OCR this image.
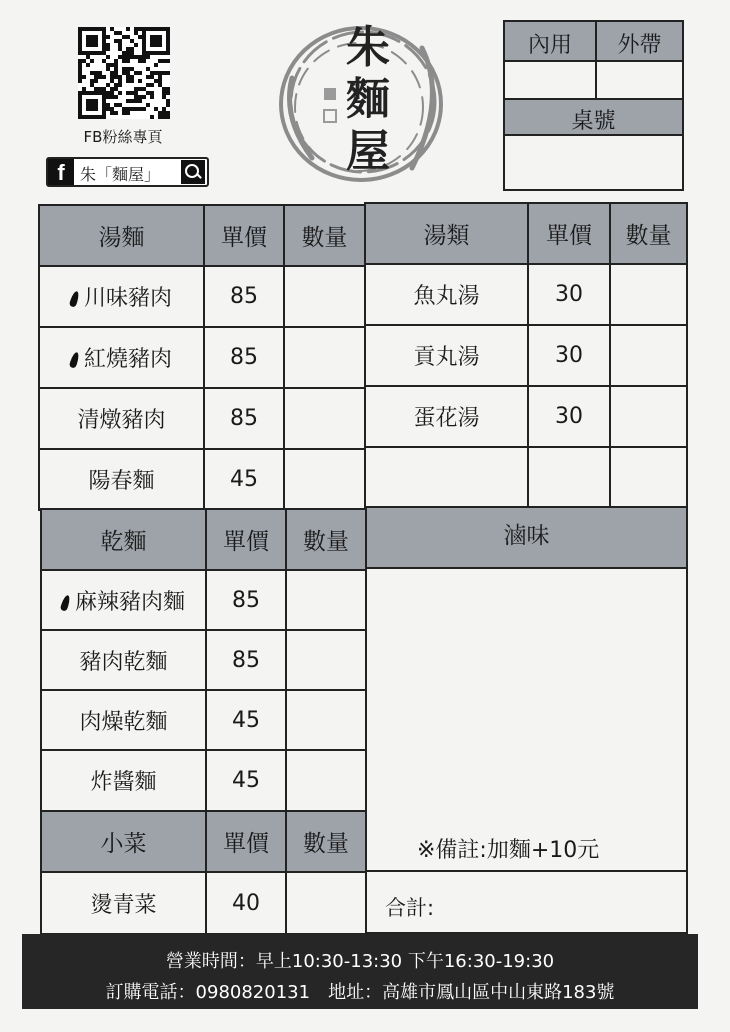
FB粉絲專頁
f 朱「麵屋」
朱麵屋
內用	外帶
桌號
湯麵	單價	數量
川味豬肉	85	
紅燒豬肉	85	
清燉豬肉	85	
陽春麵	45	
湯類	單價	數量
魚丸湯	30	
貢丸湯	30	
蛋花湯	30	

乾麵	單價	數量
麻辣豬肉麵	85	
豬肉乾麵	85	
肉燥乾麵	45	
炸醬麵	45	
小菜	單價	數量
燙青菜	40	
滷味
※備註:加麵+10元
合計:
營業時間：早上10:30-13:30 下午16:30-19:30
訂購電話：0980820131　地址：高雄市鳳山區中山東路183號
